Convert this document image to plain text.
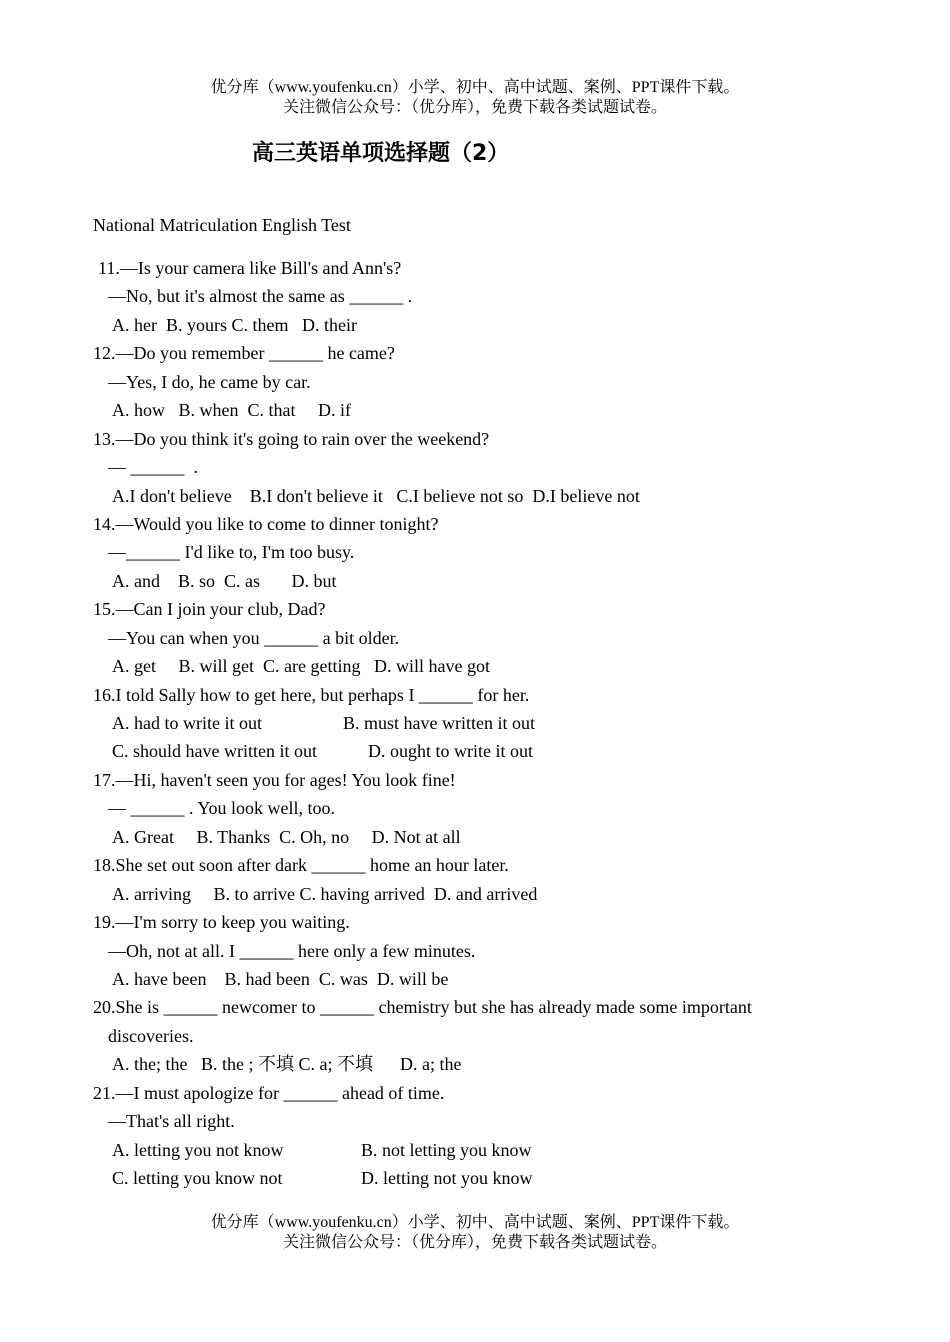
优分库（www.youfenku.cn）小学、初中、高中试题、案例、PPT课件下载。
关注微信公众号：（优分库），免费下载各类试题试卷。
高三英语单项选择题（2）
National Matriculation English Test
11.—Is your camera like Bill's and Ann's?
—No, but it's almost the same as ______ .
A. her  B. yours C. them   D. their
12.—Do you remember ______ he came?
—Yes, I do, he came by car.
A. how   B. when  C. that     D. if
13.—Do you think it's going to rain over the weekend?
— ______  .
A.I don't believe    B.I don't believe it   C.I believe not so  D.I believe not
14.—Would you like to come to dinner tonight?
—______ I'd like to, I'm too busy.
A. and    B. so  C. as       D. but
15.—Can I join your club, Dad?
—You can when you ______ a bit older.
A. get     B. will get  C. are getting   D. will have got
16.I told Sally how to get here, but perhaps I ______ for her.
A. had to write it out	B. must have written it out
C. should have written it out	D. ought to write it out
17.—Hi, haven't seen you for ages! You look fine!
— ______ . You look well, too.
A. Great     B. Thanks  C. Oh, no     D. Not at all
18.She set out soon after dark ______ home an hour later.
A. arriving     B. to arrive C. having arrived  D. and arrived
19.—I'm sorry to keep you waiting.
—Oh, not at all. I ______ here only a few minutes.
A. have been    B. had been  C. was  D. will be
20.She is ______ newcomer to ______ chemistry but she has already made some important
discoveries.
A. the; the   B. the ; 不填 C. a; 不填      D. a; the
21.—I must apologize for ______ ahead of time.
—That's all right.
A. letting you not know	B. not letting you know
C. letting you know not	D. letting not you know
优分库（www.youfenku.cn）小学、初中、高中试题、案例、PPT课件下载。
关注微信公众号：（优分库），免费下载各类试题试卷。
